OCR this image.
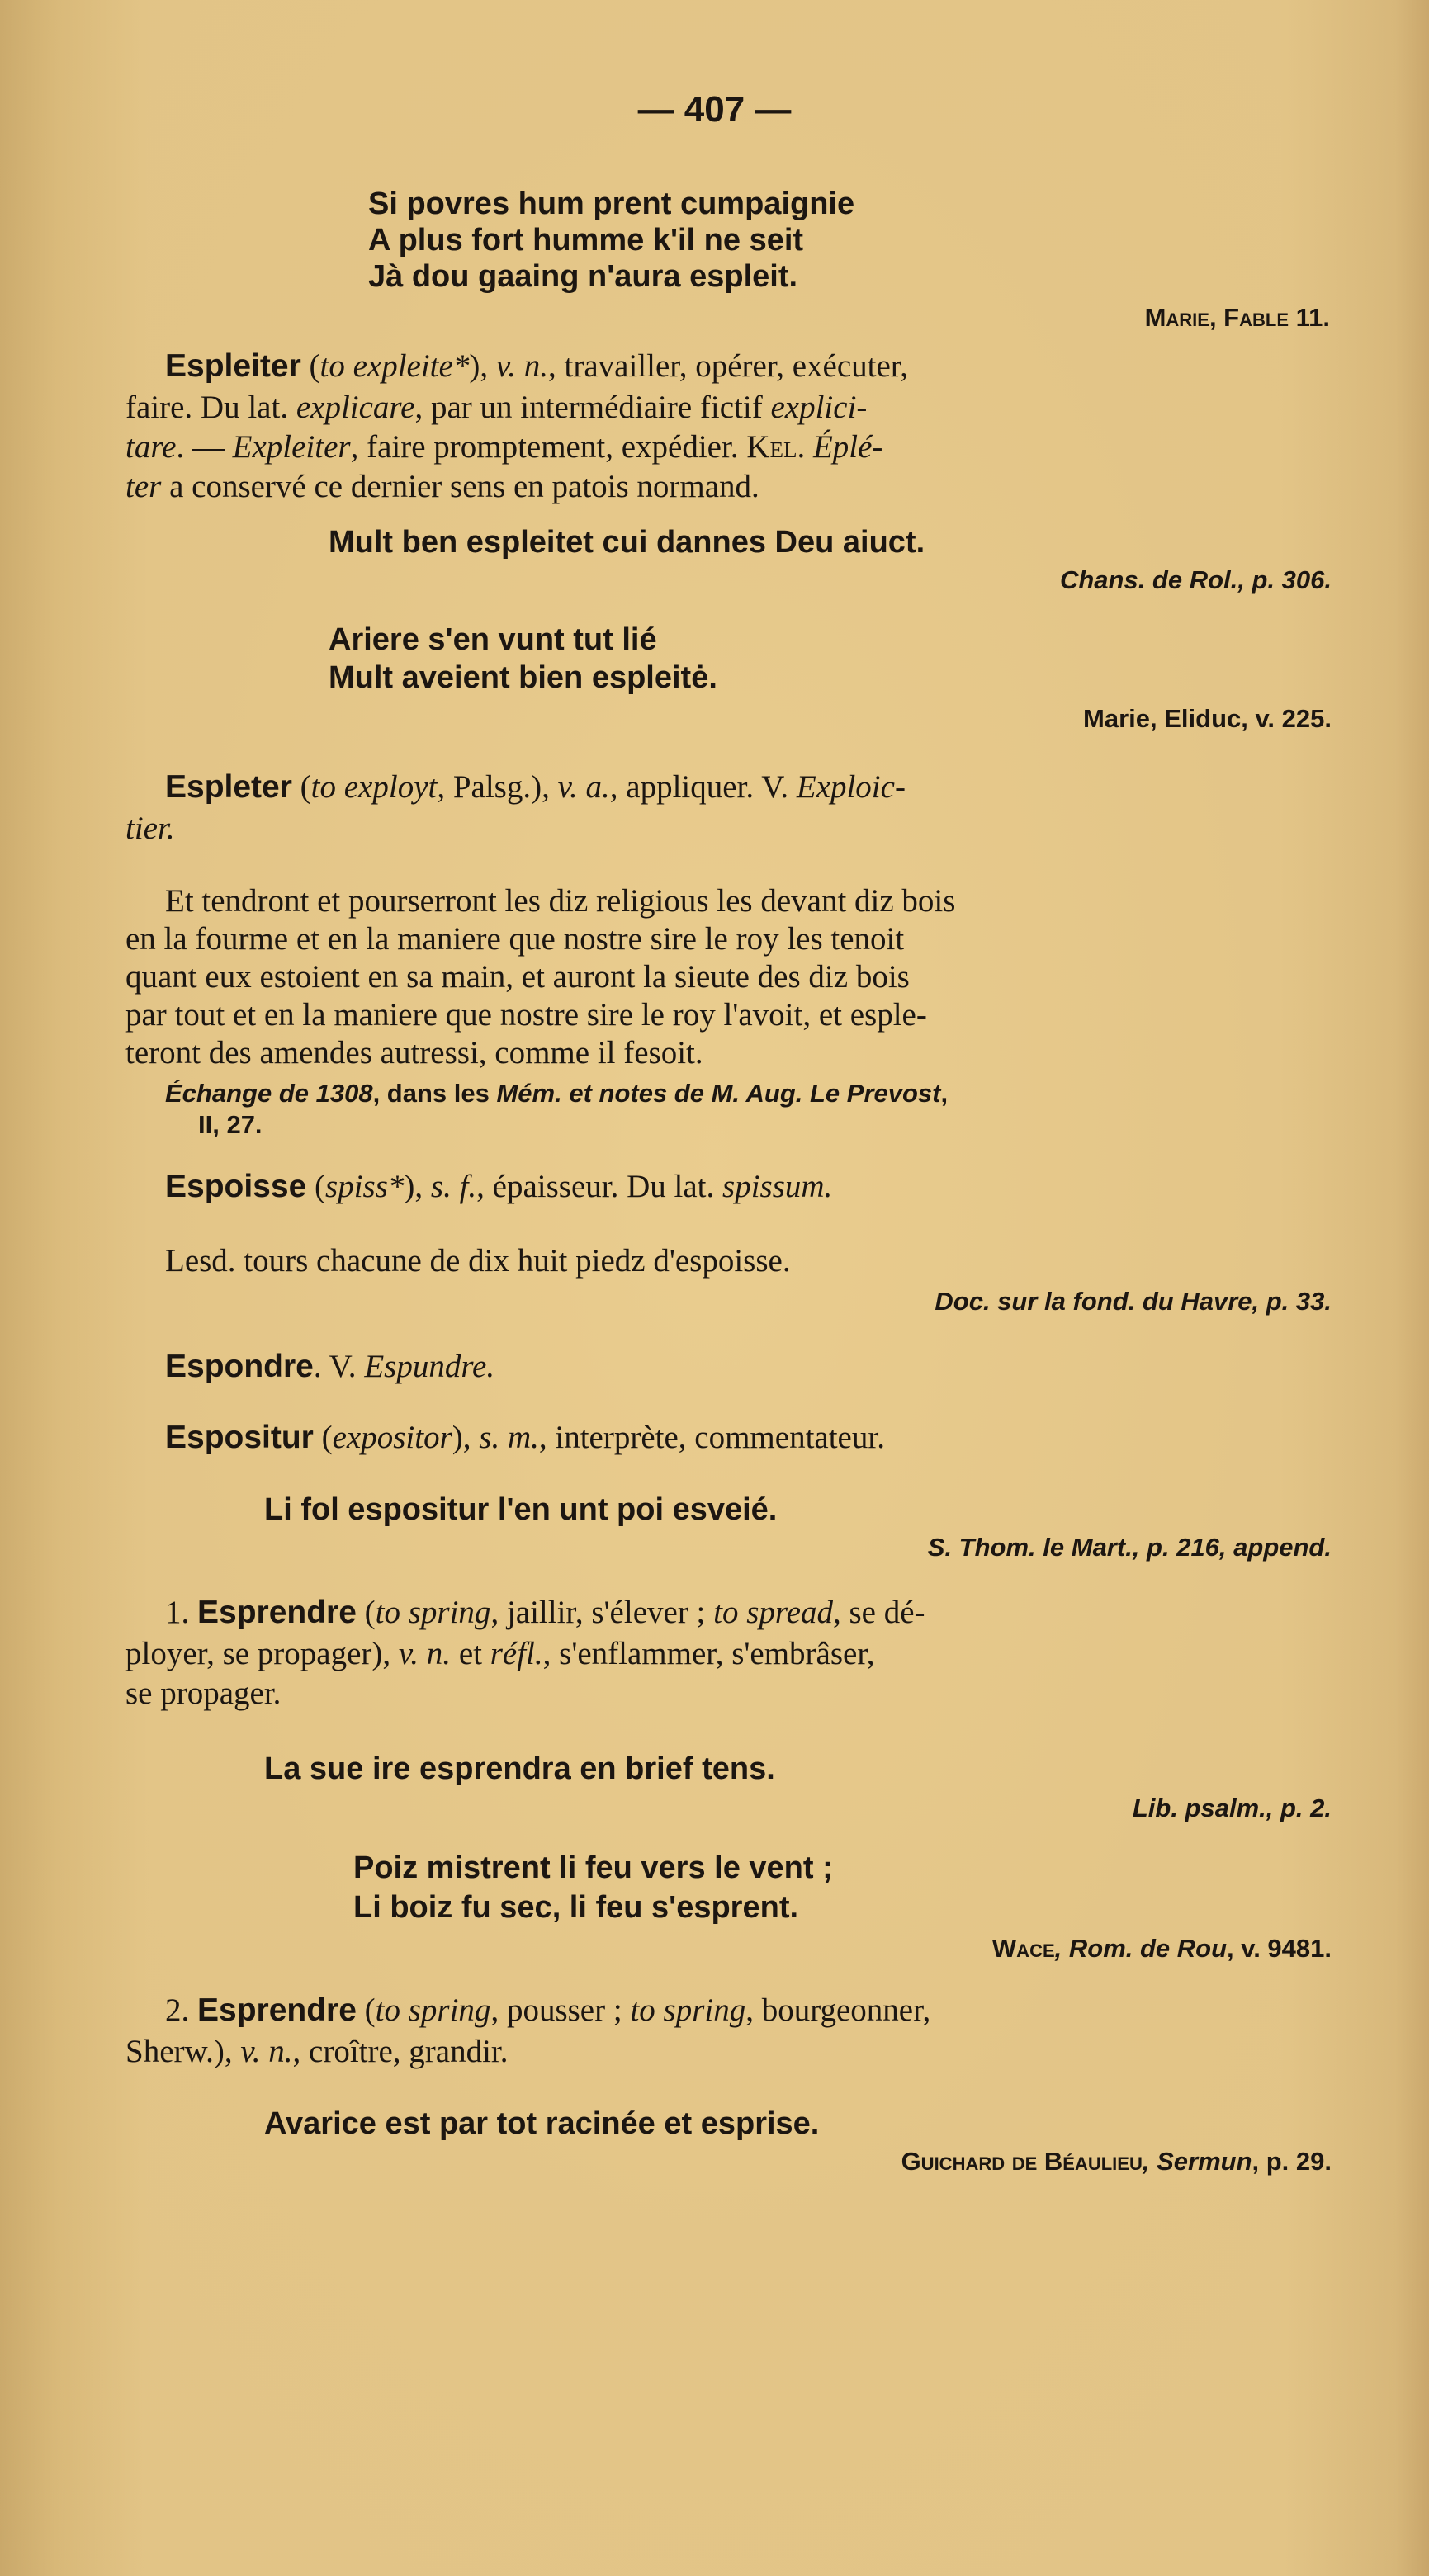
— 407 —
Si povres hum prent cumpaignie
A plus fort humme k'il ne seit
Jà dou gaaing n'aura espleit.
Marie, Fable 11.
Espleiter (to expleite*), v. n., travailler, opérer, exécuter,
faire. Du lat. explicare, par un intermédiaire fictif explici-
tare. — Expleiter, faire promptement, expédier. Kel. Éplé-
ter a conservé ce dernier sens en patois normand.
Mult ben espleitet cui dannes Deu aiuct.
Chans. de Rol., p. 306.
Ariere s'en vunt tut lié
Mult aveient bien espleitė.
Marie, Eliduc, v. 225.
Espleter (to exploуt, Palsg.), v. a., appliquer. V. Exploic-
tier.
Et tendront et pourserront les diz religious les devant diz bois
en la fourme et en la maniere que nostre sire le roy les tenoit
quant eux estoient en sa main, et auront la sieute des diz bois
par tout et en la maniere que nostre sire le roy l'avoit, et esple-
teront des amendes autressi, comme il fesoit.
Échange de 1308, dans les Mém. et notes de M. Aug. Le Prevost,
II, 27.
Espoisse (spiss*), s. f., épaisseur. Du lat. spissum.
Lesd. tours chacune de dix huit piedz d'espoisse.
Doc. sur la fond. du Havre, p. 33.
Espondre. V. Espundre.
Espositur (expositor), s. m., interprète, commentateur.
Li fol espositur l'en unt poi esveié.
S. Thom. le Mart., p. 216, append.
1. Esprendre (to spring, jaillir, s'élever ; to spread, se dé-
ployer, se propager), v. n. et réfl., s'enflammer, s'embrâser,
se propager.
La sue ire esprendra en brief tens.
Lib. psalm., p. 2.
Poiz mistrent li feu vers le vent ;
Li boiz fu sec, li feu s'esprent.
Wace, Rom. de Rou, v. 9481.
2. Esprendre (to spring, pousser ; to spring, bourgeonner,
Sherw.), v. n., croître, grandir.
Avarice est par tot racinée et esprise.
Guichard de Béaulieu, Sermun, p. 29.
